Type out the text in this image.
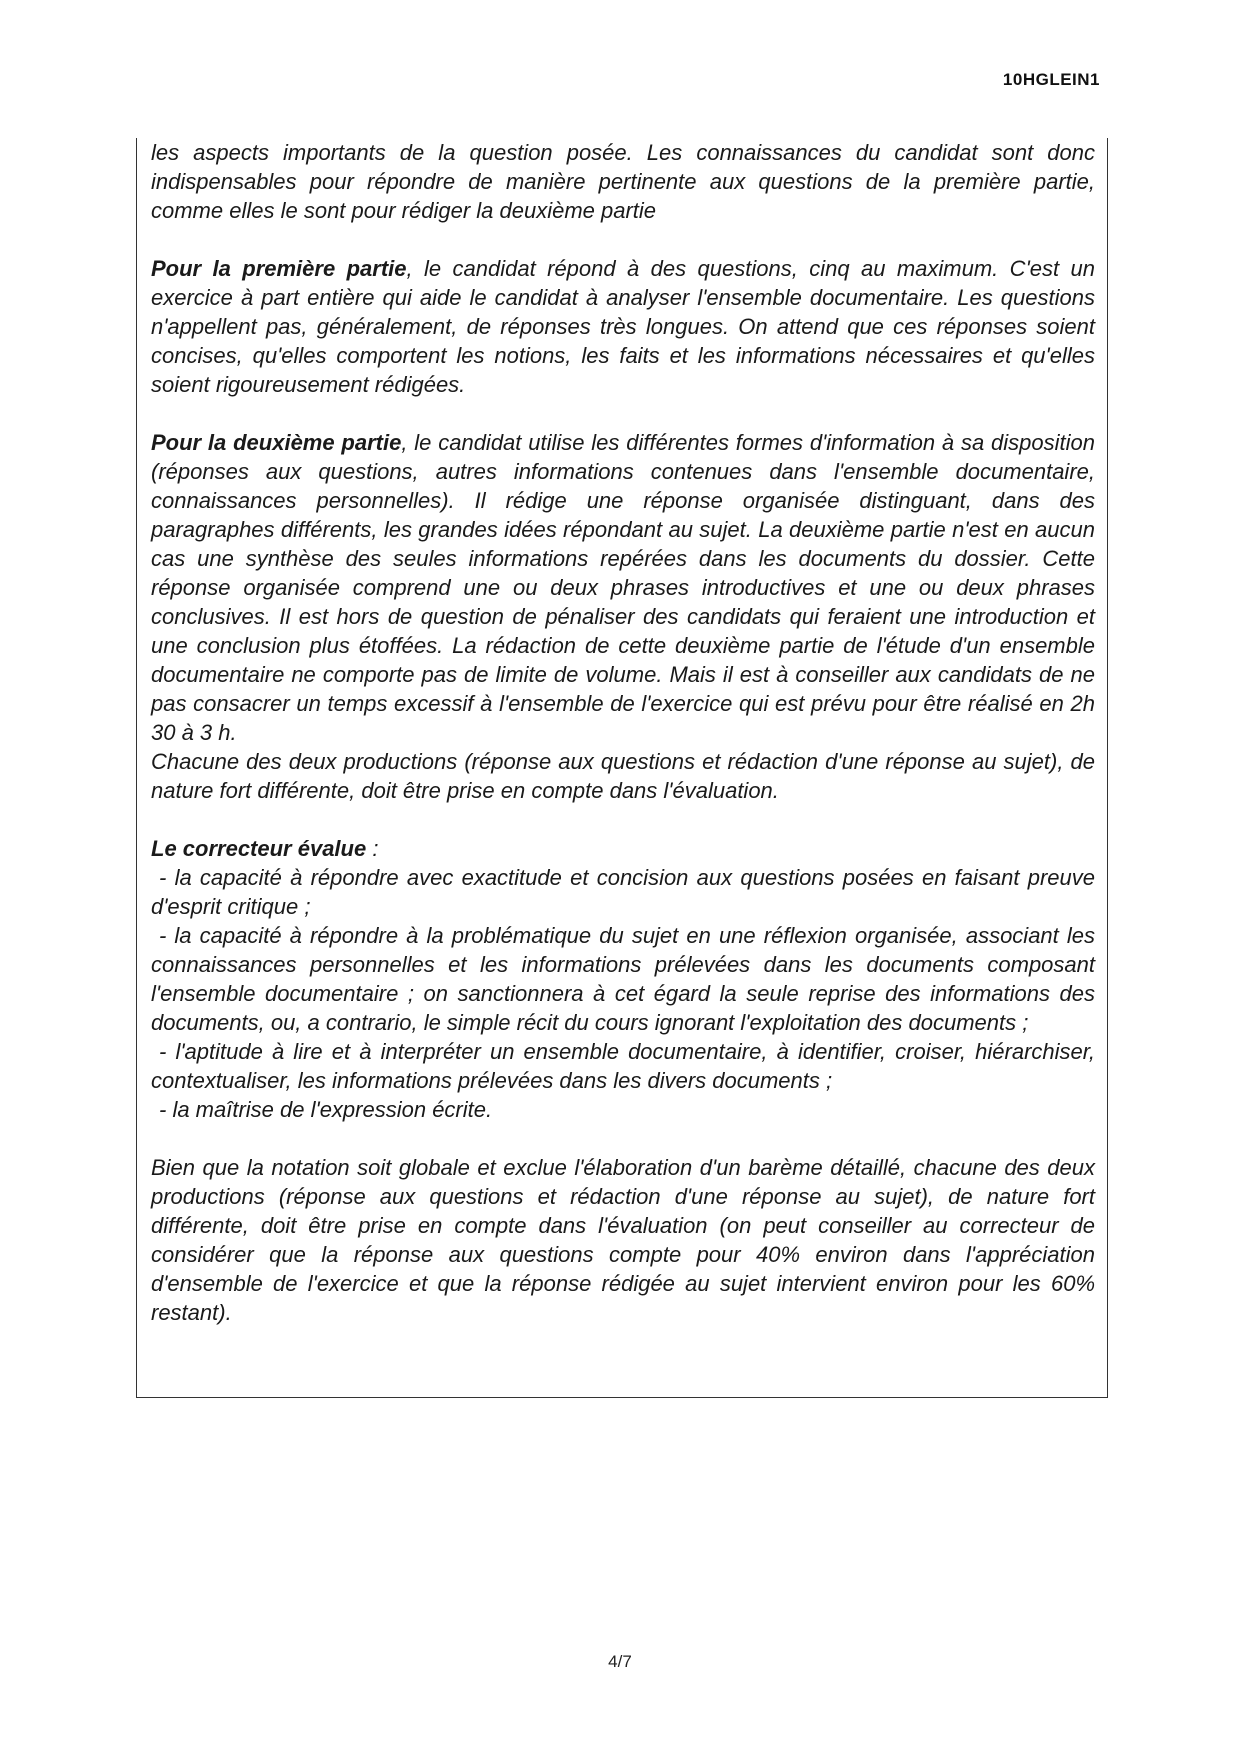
10HGLEIN1

les aspects importants de la question posée. Les connaissances du candidat sont donc indispensables pour répondre de manière pertinente aux questions de la première partie, comme elles le sont pour rédiger la deuxième partie

Pour la première partie, le candidat répond à des questions, cinq au maximum. C'est un exercice à part entière qui aide le candidat à analyser l'ensemble documentaire. Les questions n'appellent pas, généralement, de réponses très longues. On attend que ces réponses soient concises, qu'elles comportent les notions, les faits et les informations nécessaires et qu'elles soient rigoureusement rédigées.

Pour la deuxième partie, le candidat utilise les différentes formes d'information à sa disposition (réponses aux questions, autres informations contenues dans l'ensemble documentaire, connaissances personnelles). Il rédige une réponse organisée distinguant, dans des paragraphes différents, les grandes idées répondant au sujet. La deuxième partie n'est en aucun cas une synthèse des seules informations repérées dans les documents du dossier. Cette réponse organisée comprend une ou deux phrases introductives et une ou deux phrases conclusives. Il est hors de question de pénaliser des candidats qui feraient une introduction et une conclusion plus étoffées. La rédaction de cette deuxième partie de l'étude d'un ensemble documentaire ne comporte pas de limite de volume. Mais il est à conseiller aux candidats de ne pas consacrer un temps excessif à l'ensemble de l'exercice qui est prévu pour être réalisé en 2h 30 à 3 h.

Chacune des deux productions (réponse aux questions et rédaction d'une réponse au sujet), de nature fort différente, doit être prise en compte dans l'évaluation.

Le correcteur évalue :

- la capacité à répondre avec exactitude et concision aux questions posées en faisant preuve d'esprit critique ;

- la capacité à répondre à la problématique du sujet en une réflexion organisée, associant les connaissances personnelles et les informations prélevées dans les documents composant l'ensemble documentaire ; on sanctionnera à cet égard la seule reprise des informations des documents, ou, a contrario, le simple récit du cours ignorant l'exploitation des documents ;

- l'aptitude à lire et à interpréter un ensemble documentaire, à identifier, croiser, hiérarchiser, contextualiser, les informations prélevées dans les divers documents ;

- la maîtrise de l'expression écrite.

Bien que la notation soit globale et exclue l'élaboration d'un barème détaillé, chacune des deux productions (réponse aux questions et rédaction d'une réponse au sujet), de nature fort différente, doit être prise en compte dans l'évaluation (on peut conseiller au correcteur de considérer que la réponse aux questions compte pour 40% environ dans l'appréciation d'ensemble de l'exercice et que la réponse rédigée au sujet intervient environ pour les 60% restant).

4/7
